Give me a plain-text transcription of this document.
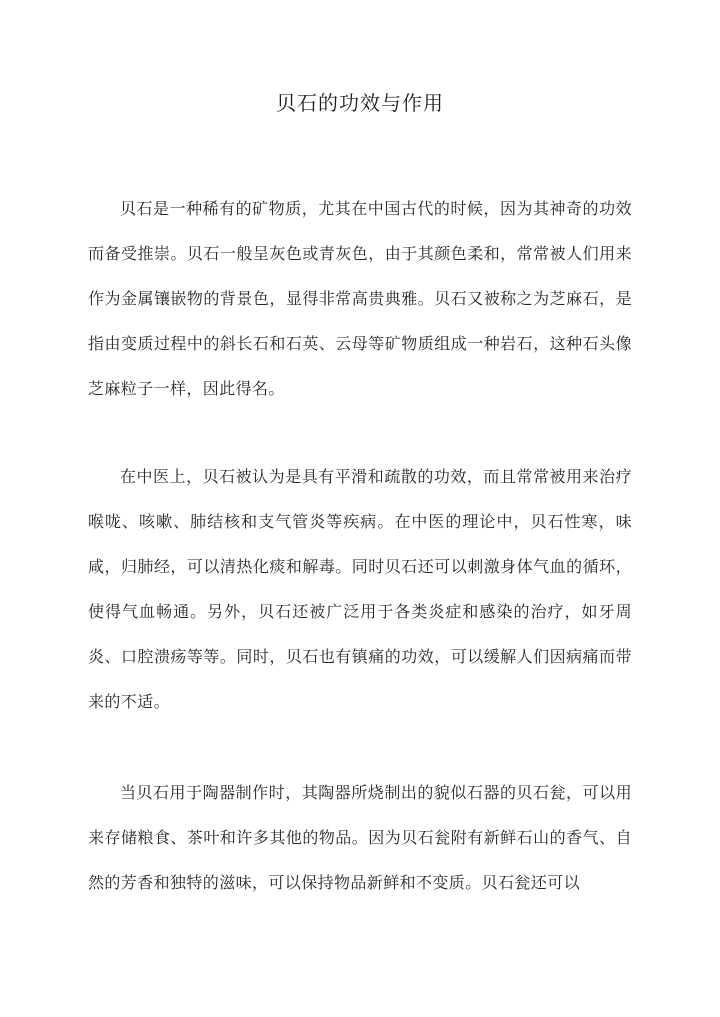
贝石的功效与作用

贝石是一种稀有的矿物质，尤其在中国古代的时候，因为其神奇的功效而备受推崇。贝石一般呈灰色或青灰色，由于其颜色柔和，常常被人们用来作为金属镶嵌物的背景色，显得非常高贵典雅。贝石又被称之为芝麻石，是指由变质过程中的斜长石和石英、云母等矿物质组成一种岩石，这种石头像芝麻粒子一样，因此得名。

在中医上，贝石被认为是具有平滑和疏散的功效，而且常常被用来治疗喉咙、咳嗽、肺结核和支气管炎等疾病。在中医的理论中，贝石性寒，味咸，归肺经，可以清热化痰和解毒。同时贝石还可以刺激身体气血的循环，使得气血畅通。另外，贝石还被广泛用于各类炎症和感染的治疗，如牙周炎、口腔溃疡等等。同时，贝石也有镇痛的功效，可以缓解人们因病痛而带来的不适。

当贝石用于陶器制作时，其陶器所烧制出的貌似石器的贝石瓮，可以用来存储粮食、茶叶和许多其他的物品。因为贝石瓮附有新鲜石山的香气、自然的芳香和独特的滋味，可以保持物品新鲜和不变质。贝石瓮还可以
